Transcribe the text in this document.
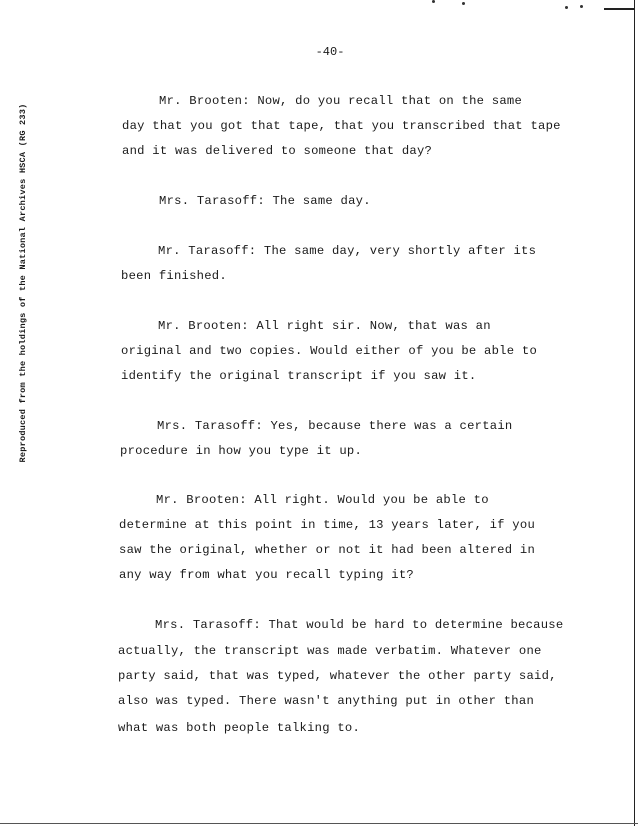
Reproduced from the holdings of the National Archives HSCA (RG 233)
-40-
Mr. Brooten: Now, do you recall that on the same
day that you got that tape, that you transcribed that tape
and it was delivered to someone that day?
Mrs. Tarasoff: The same day.
Mr. Tarasoff: The same day, very shortly after its
been finished.
Mr. Brooten: All right sir. Now, that was an
original and two copies. Would either of you be able to
identify the original transcript if you saw it.
Mrs. Tarasoff: Yes, because there was a certain
procedure in how you type it up.
Mr. Brooten: All right. Would you be able to
determine at this point in time, 13 years later, if you
saw the original, whether or not it had been altered in
any way from what you recall typing it?
Mrs. Tarasoff: That would be hard to determine because
actually, the transcript was made verbatim. Whatever one
party said, that was typed, whatever the other party said,
also was typed. There wasn't anything put in other than
what was both people talking to.
